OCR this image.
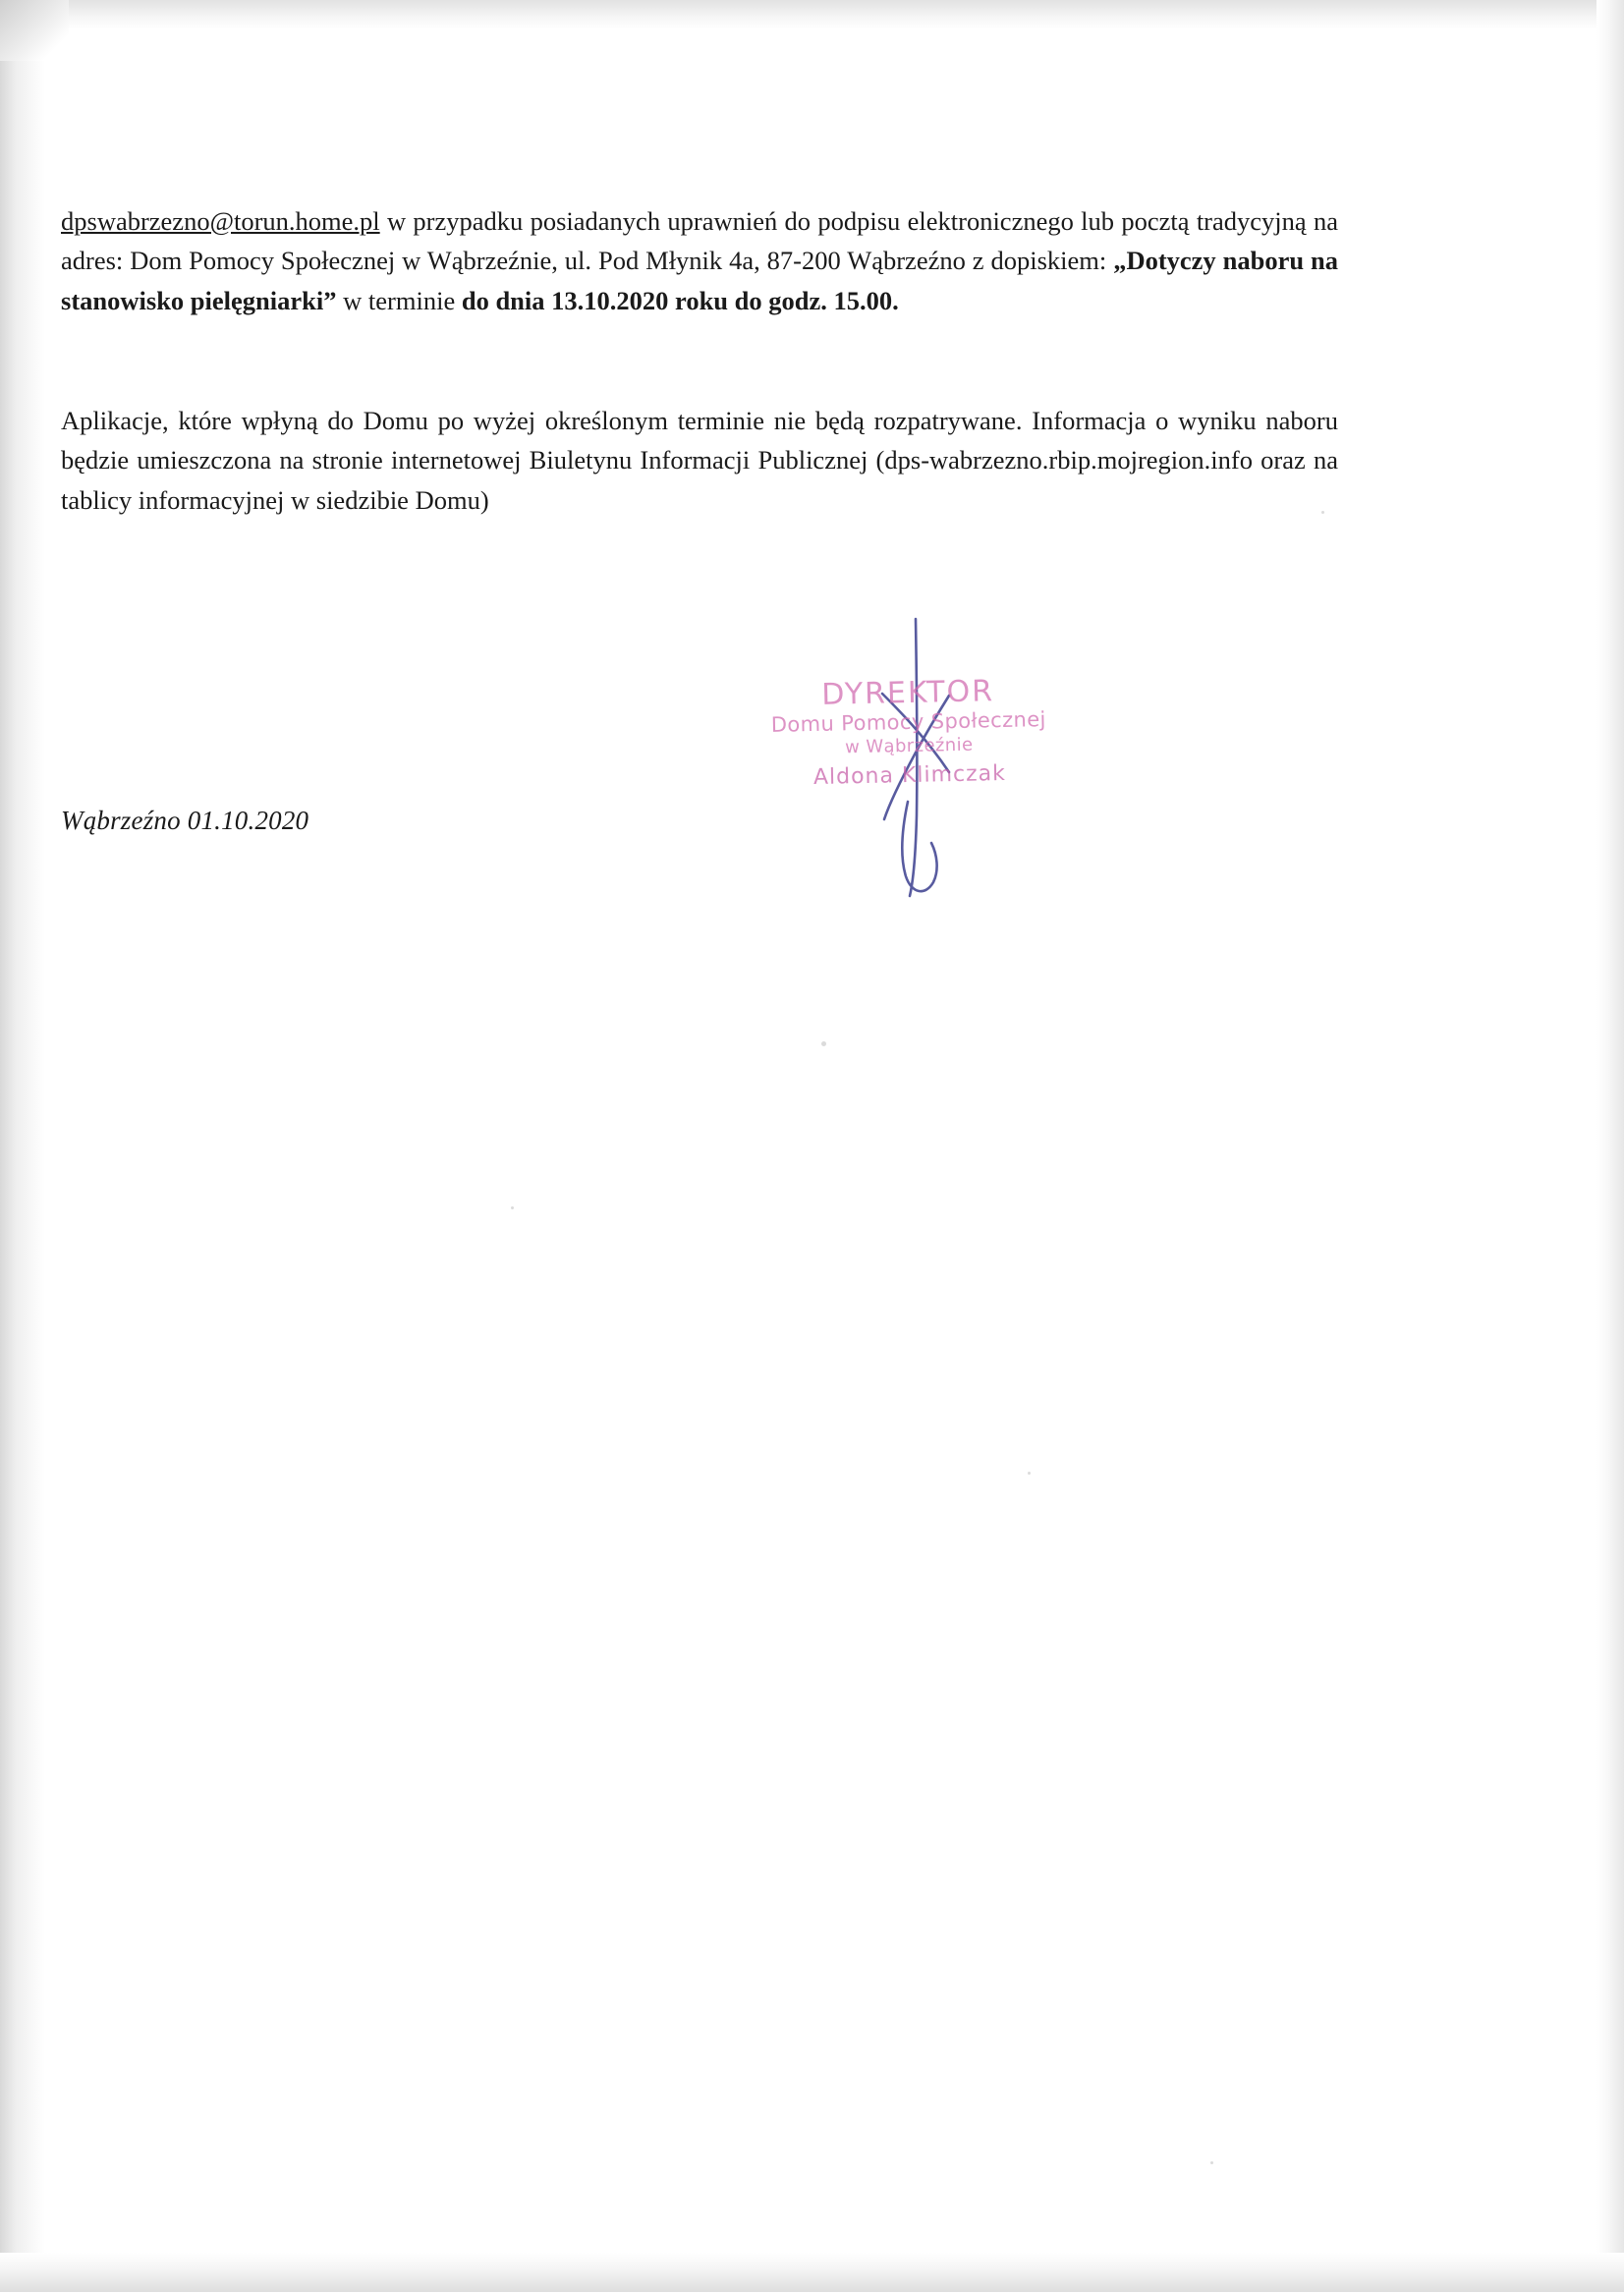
dpswabrzezno@torun.home.pl w przypadku posiadanych uprawnień do podpisu elektronicznego lub pocztą tradycyjną na adres: Dom Pomocy Społecznej w Wąbrzeźnie, ul. Pod Młynik 4a, 87-200 Wąbrzeźno z dopiskiem: „Dotyczy naboru na stanowisko pielęgniarki” w terminie do dnia 13.10.2020 roku do godz. 15.00.

Aplikacje, które wpłyną do Domu po wyżej określonym terminie nie będą rozpatrywane. Informacja o wyniku naboru będzie umieszczona na stronie internetowej Biuletynu Informacji Publicznej (dps-wabrzezno.rbip.mojregion.info oraz na tablicy informacyjnej w siedzibie Domu)

DYREKTOR
Domu Pomocy Społecznej
w Wąbrzeźnie
Aldona Klimczak
Wąbrzeźno 01.10.2020
